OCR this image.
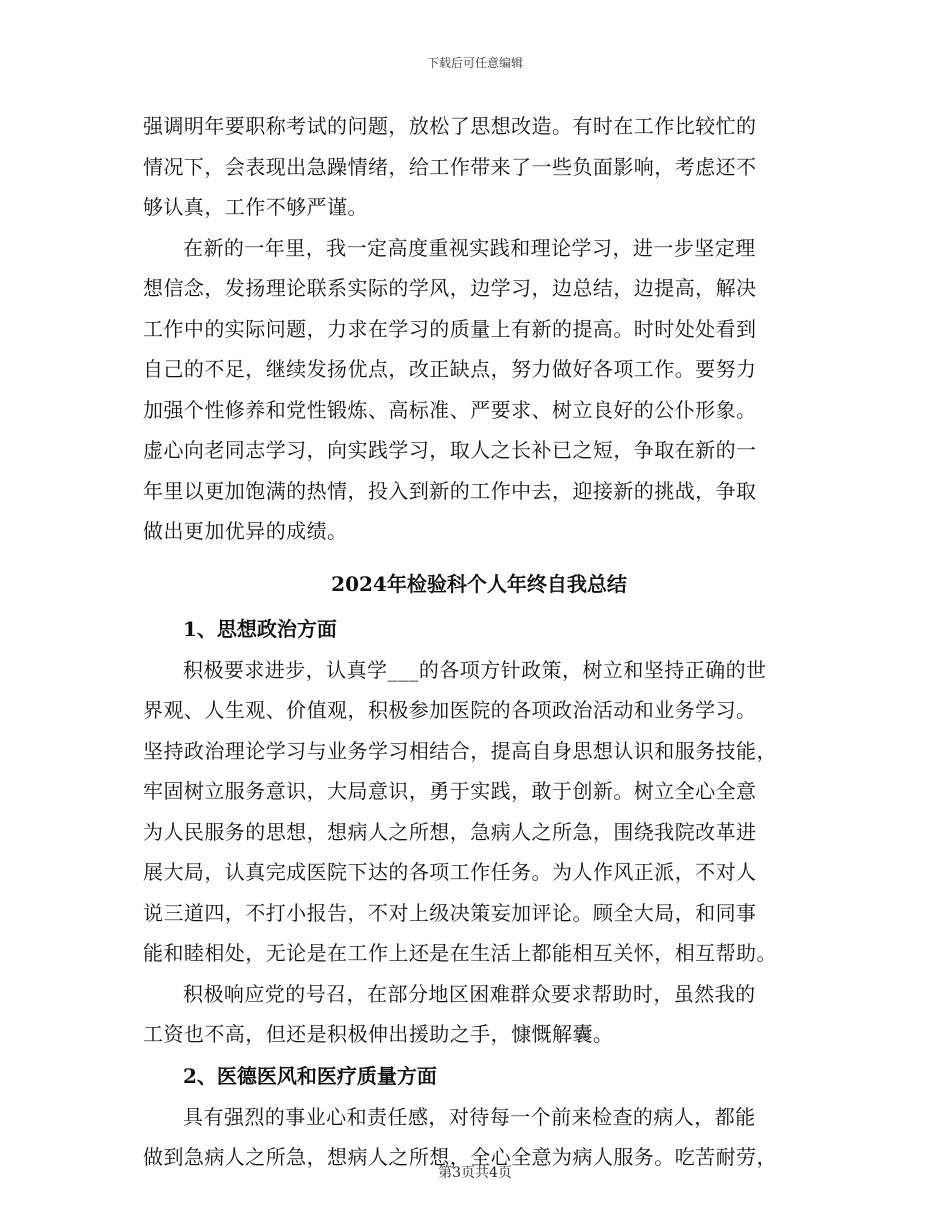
下载后可任意编辑
强调明年要职称考试的问题，放松了思想改造。有时在工作比较忙的
情况下，会表现出急躁情绪，给工作带来了一些负面影响，考虑还不
够认真，工作不够严谨。
在新的一年里，我一定高度重视实践和理论学习，进一步坚定理
想信念，发扬理论联系实际的学风，边学习，边总结，边提高，解决
工作中的实际问题，力求在学习的质量上有新的提高。时时处处看到
自己的不足，继续发扬优点，改正缺点，努力做好各项工作。要努力
加强个性修养和党性锻炼、高标准、严要求、树立良好的公仆形象。
虚心向老同志学习，向实践学习，取人之长补已之短，争取在新的一
年里以更加饱满的热情，投入到新的工作中去，迎接新的挑战，争取
做出更加优异的成绩。
2024年检验科个人年终自我总结
1、思想政治方面
积极要求进步，认真学___的各项方针政策，树立和坚持正确的世
界观、人生观、价值观，积极参加医院的各项政治活动和业务学习。
坚持政治理论学习与业务学习相结合，提高自身思想认识和服务技能，
牢固树立服务意识，大局意识，勇于实践，敢于创新。树立全心全意
为人民服务的思想，想病人之所想，急病人之所急，围绕我院改革进
展大局，认真完成医院下达的各项工作任务。为人作风正派，不对人
说三道四，不打小报告，不对上级决策妄加评论。顾全大局，和同事
能和睦相处，无论是在工作上还是在生活上都能相互关怀，相互帮助。
积极响应党的号召，在部分地区困难群众要求帮助时，虽然我的
工资也不高，但还是积极伸出援助之手，慷慨解囊。
2、医德医风和医疗质量方面
具有强烈的事业心和责任感，对待每一个前来检查的病人，都能
做到急病人之所急，想病人之所想，全心全意为病人服务。吃苦耐劳，
第3页共4页
